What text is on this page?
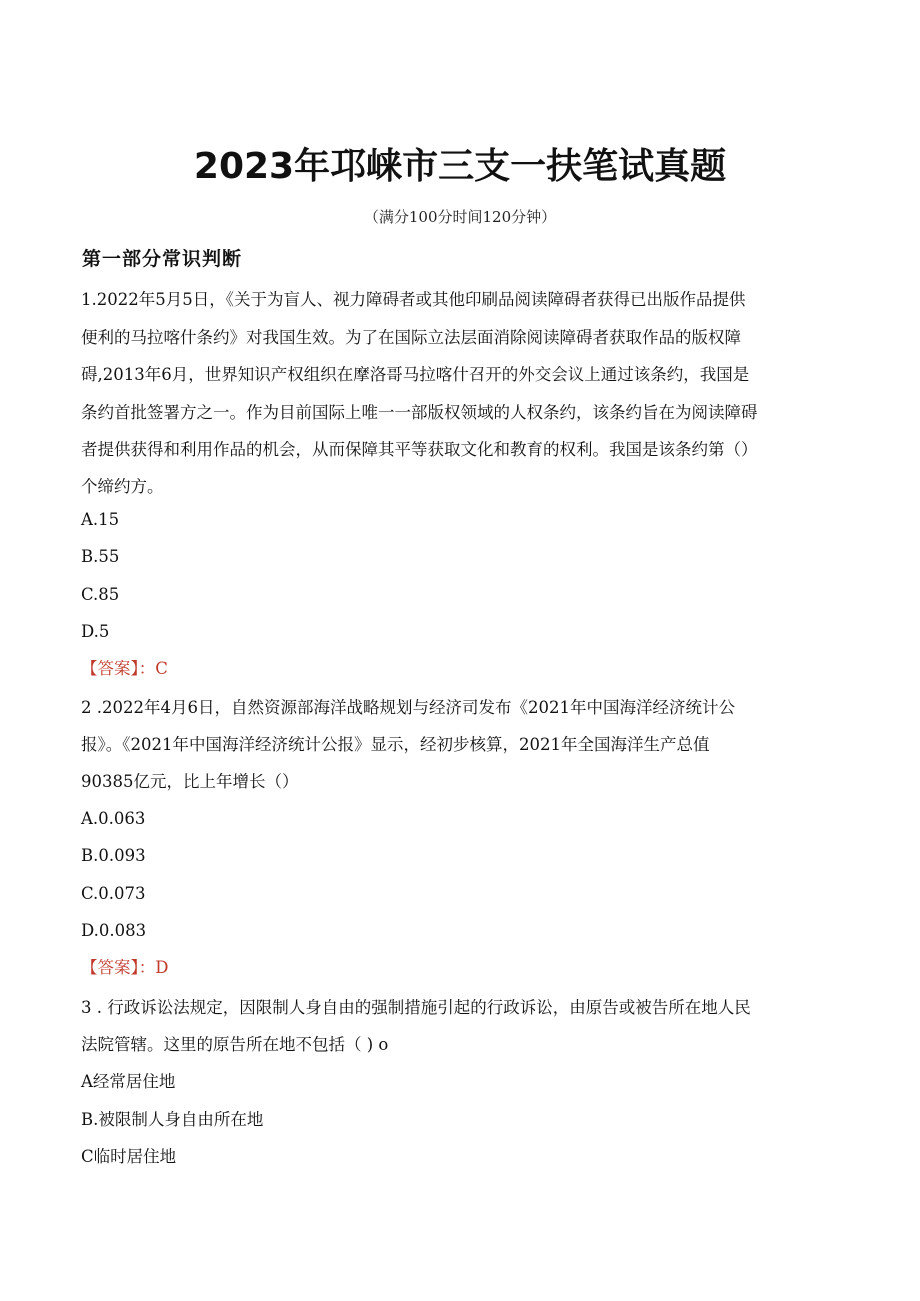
2023年邛崃市三支一扶笔试真题
（满分100分时间120分钟）
第一部分常识判断
1.2022年5月5日，《关于为盲人、视力障碍者或其他印刷品阅读障碍者获得已出版作品提供
便利的马拉喀什条约》对我国生效。为了在国际立法层面消除阅读障碍者获取作品的版权障
碍,2013年6月，世界知识产权组织在摩洛哥马拉喀什召开的外交会议上通过该条约，我国是
条约首批签署方之一。作为目前国际上唯一一部版权领域的人权条约，该条约旨在为阅读障碍
者提供获得和利用作品的机会，从而保障其平等获取文化和教育的权利。我国是该条约第（）
个缔约方。
A.15
B.55
C.85
D.5
【答案】：C
2 .2022年4月6日，自然资源部海洋战略规划与经济司发布《2021年中国海洋经济统计公
报》。《2021年中国海洋经济统计公报》显示，经初步核算，2021年全国海洋生产总值
90385亿元，比上年增长（）
A.0.063
B.0.093
C.0.073
D.0.083
【答案】：D
3 . 行政诉讼法规定，因限制人身自由的强制措施引起的行政诉讼，由原告或被告所在地人民
法院管辖。这里的原告所在地不包括（ ) o
A经常居住地
B.被限制人身自由所在地
C临时居住地
